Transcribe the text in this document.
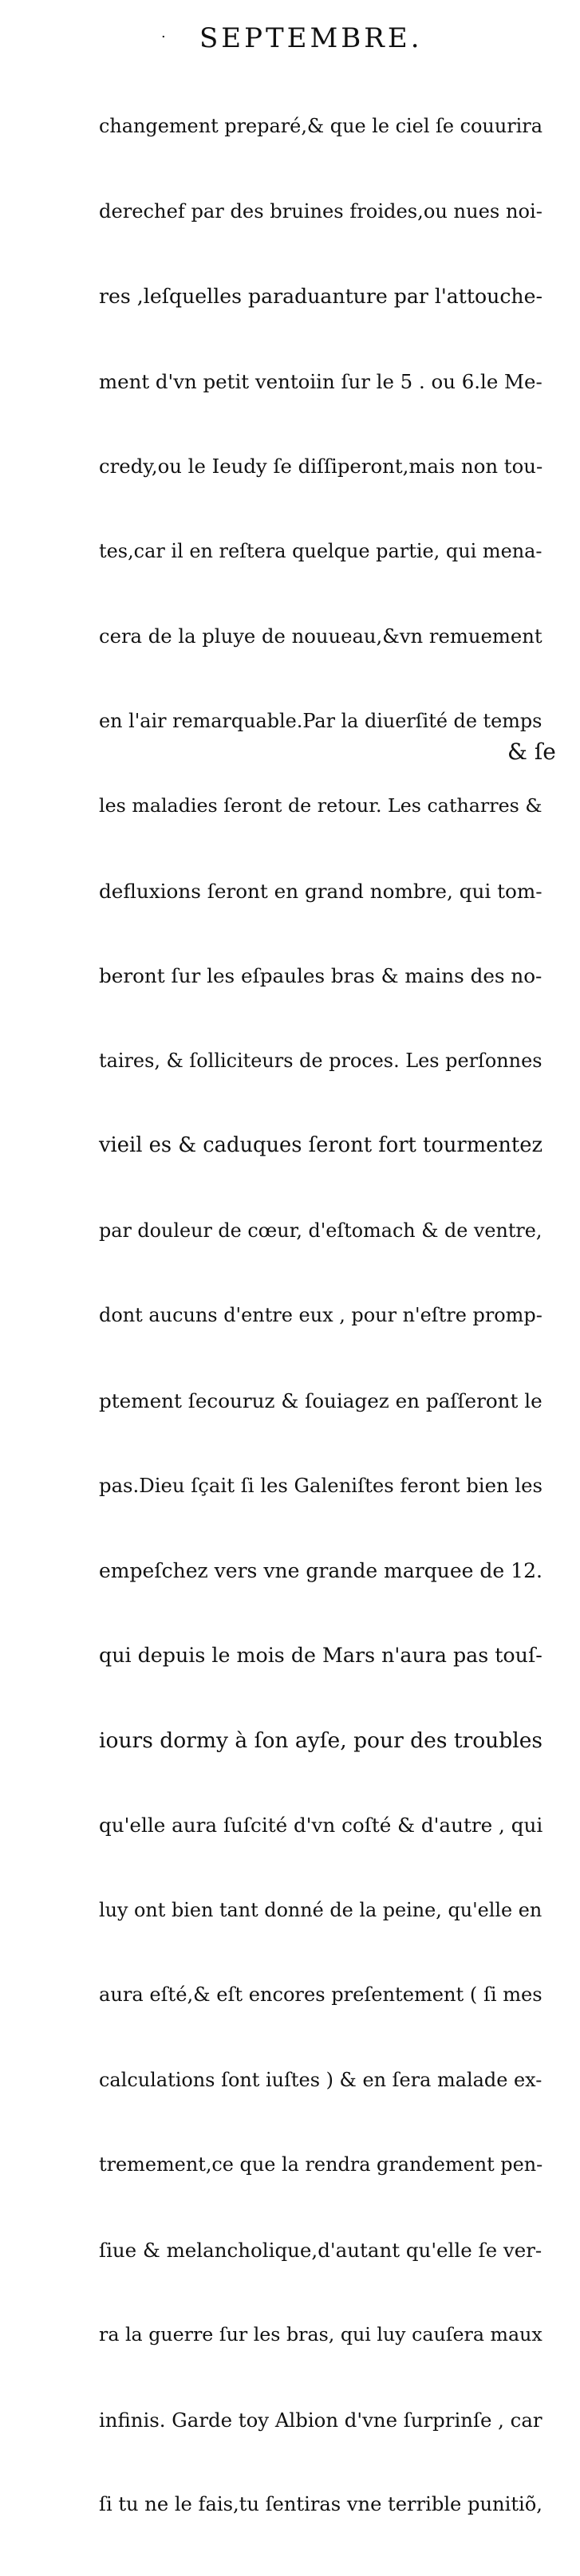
· SEPTEMBRE.

changement preparé,& que le ciel ſe couurira

derechef par des bruines froides,ou nues noi-

res ,leſquelles paraduanture par l'attouche-

ment d'vn petit ventoiin ſur le 5 . ou 6.le Me-

credy,ou le Ieudy ſe diſſiperont,mais non tou-

tes,car il en reſtera quelque partie, qui mena-

cera de la pluye de nouueau,&vn remuement

en l'air remarquable.Par la diuerſité de temps

les maladies ſeront de retour. Les catharres &

defluxions ſeront en grand nombre, qui tom-

beront ſur les eſpaules bras & mains des no-

taires, & ſolliciteurs de proces. Les perſonnes

vieil es & caduques ſeront fort tourmentez

par douleur de cœur, d'eſtomach & de ventre,

dont aucuns d'entre eux , pour n'eſtre promp-

ptement ſecouruz & ſouiagez en paſſeront le

pas.Dieu ſçait ſi les Galeniſtes feront bien les

empeſchez vers vne grande marquee de 12.

qui depuis le mois de Mars n'aura pas touſ-

iours dormy à ſon ayſe, pour des troubles

qu'elle aura ſuſcité d'vn coſté & d'autre , qui

luy ont bien tant donné de la peine, qu'elle en

aura eſté,& eſt encores preſentement ( ſi mes

calculations ſont iuſtes ) & en ſera malade ex-

tremement,ce que la rendra grandement pen-

ſiue & melancholique,d'autant qu'elle ſe ver-

ra la guerre ſur les bras, qui luy cauſera maux

infinis. Garde toy Albion d'vne ſurprinſe , car

ſi tu ne le fais,tu ſentiras vne terrible punitiõ,

& ſe
